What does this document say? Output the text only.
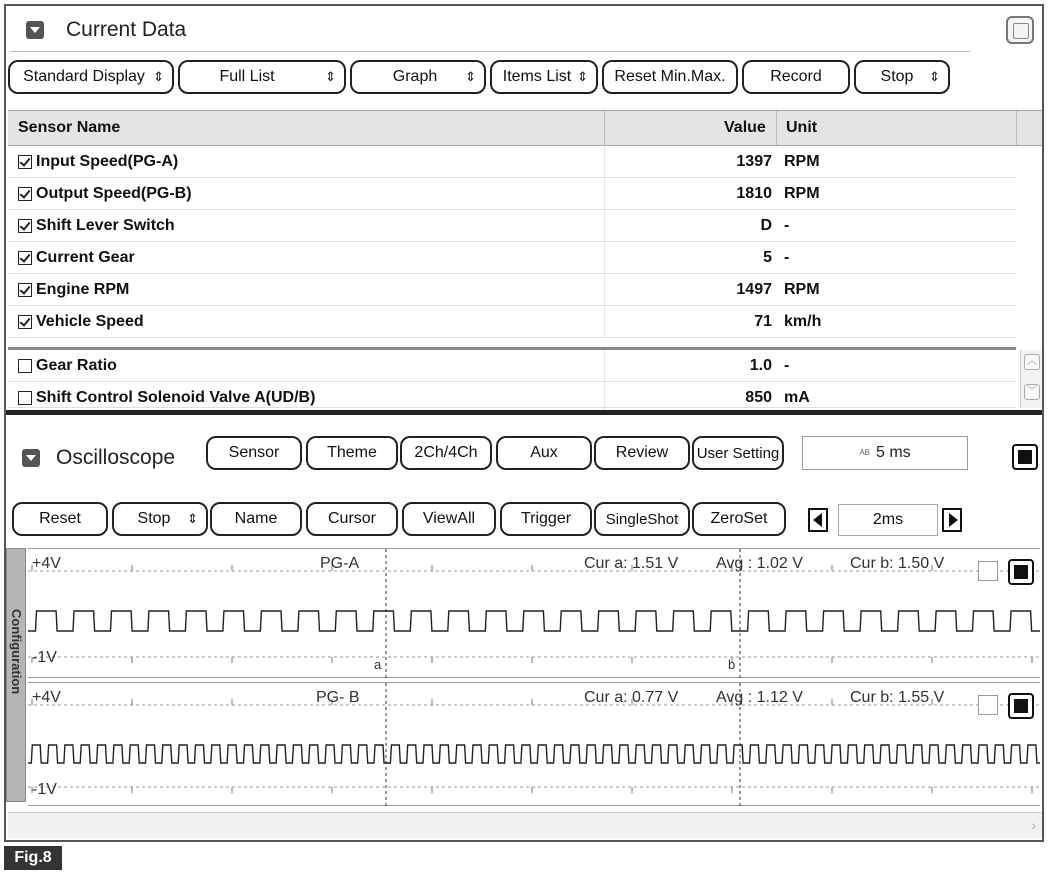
Current Data
Standard Display ⇕	Full List	⇕	Graph ⇕ Items List ⇕ Reset Min.Max.	Record	Stop ⇕
Sensor Name	Value Unit
Input Speed(PG-A)	1397 RPM
Output Speed(PG-B)	1810 RPM
Shift Lever Switch	D -
Current Gear	5 -
Engine RPM	1497 RPM
Vehicle Speed	71 km/h
Gear Ratio	1.0 -
Shift Control Solenoid Valve A(UD/B)	850 mA
︿
﹀
Oscilloscope	Sensor	Theme 2Ch/4Ch	Aux	Review User Setting	AB 5 ms
Reset	Stop ⇕ Name	Cursor	ViewAll	Trigger SingleShot ZeroSet	2ms
Configuration
+4V	PG-A	Cur a: 1.51 V Avg : 1.02 V	Cur b: 1.50 V
-1V	a	b
+4V	PG- B	Cur a: 0.77 V Avg : 1.12 V	Cur b: 1.55 V
-1V
›
Fig.8
